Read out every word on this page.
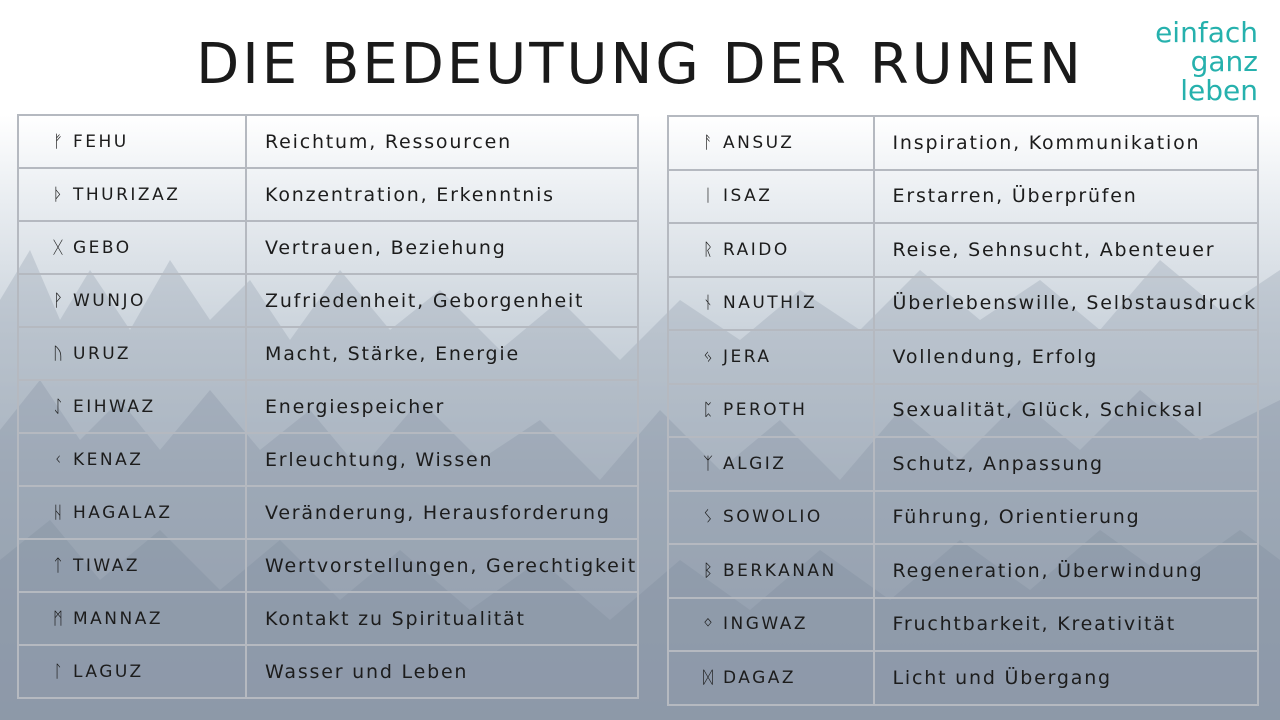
DIE BEDEUTUNG DER RUNEN	einfach
ganz
leben
ᚠ FEHU	Reichtum, Ressourcen
ᚦ THURIZAZ	Konzentration, Erkenntnis
ᚷ GEBO	Vertrauen, Beziehung
ᚹ WUNJO	Zufriedenheit, Geborgenheit
ᚢ URUZ	Macht, Stärke, Energie
ᛇ EIHWAZ	Energiespeicher
ᚲ KENAZ	Erleuchtung, Wissen
ᚺ HAGALAZ	Veränderung, Herausforderung
ᛏ TIWAZ	Wertvorstellungen, Gerechtigkeit
ᛗ MANNAZ	Kontakt zu Spiritualität
ᛚ LAGUZ	Wasser und Leben
ᚨ ANSUZ	Inspiration, Kommunikation
ᛁ ISAZ	Erstarren, Überprüfen
ᚱ RAIDO	Reise, Sehnsucht, Abenteuer
ᚾ NAUTHIZ	Überlebenswille, Selbstausdruck
ᛃ JERA	Vollendung, Erfolg
ᛈ PEROTH	Sexualität, Glück, Schicksal
ᛉ ALGIZ	Schutz, Anpassung
ᛊ SOWOLIO	Führung, Orientierung
ᛒ BERKANAN	Regeneration, Überwindung
ᛜ INGWAZ	Fruchtbarkeit, Kreativität
ᛞ DAGAZ	Licht und Übergang
